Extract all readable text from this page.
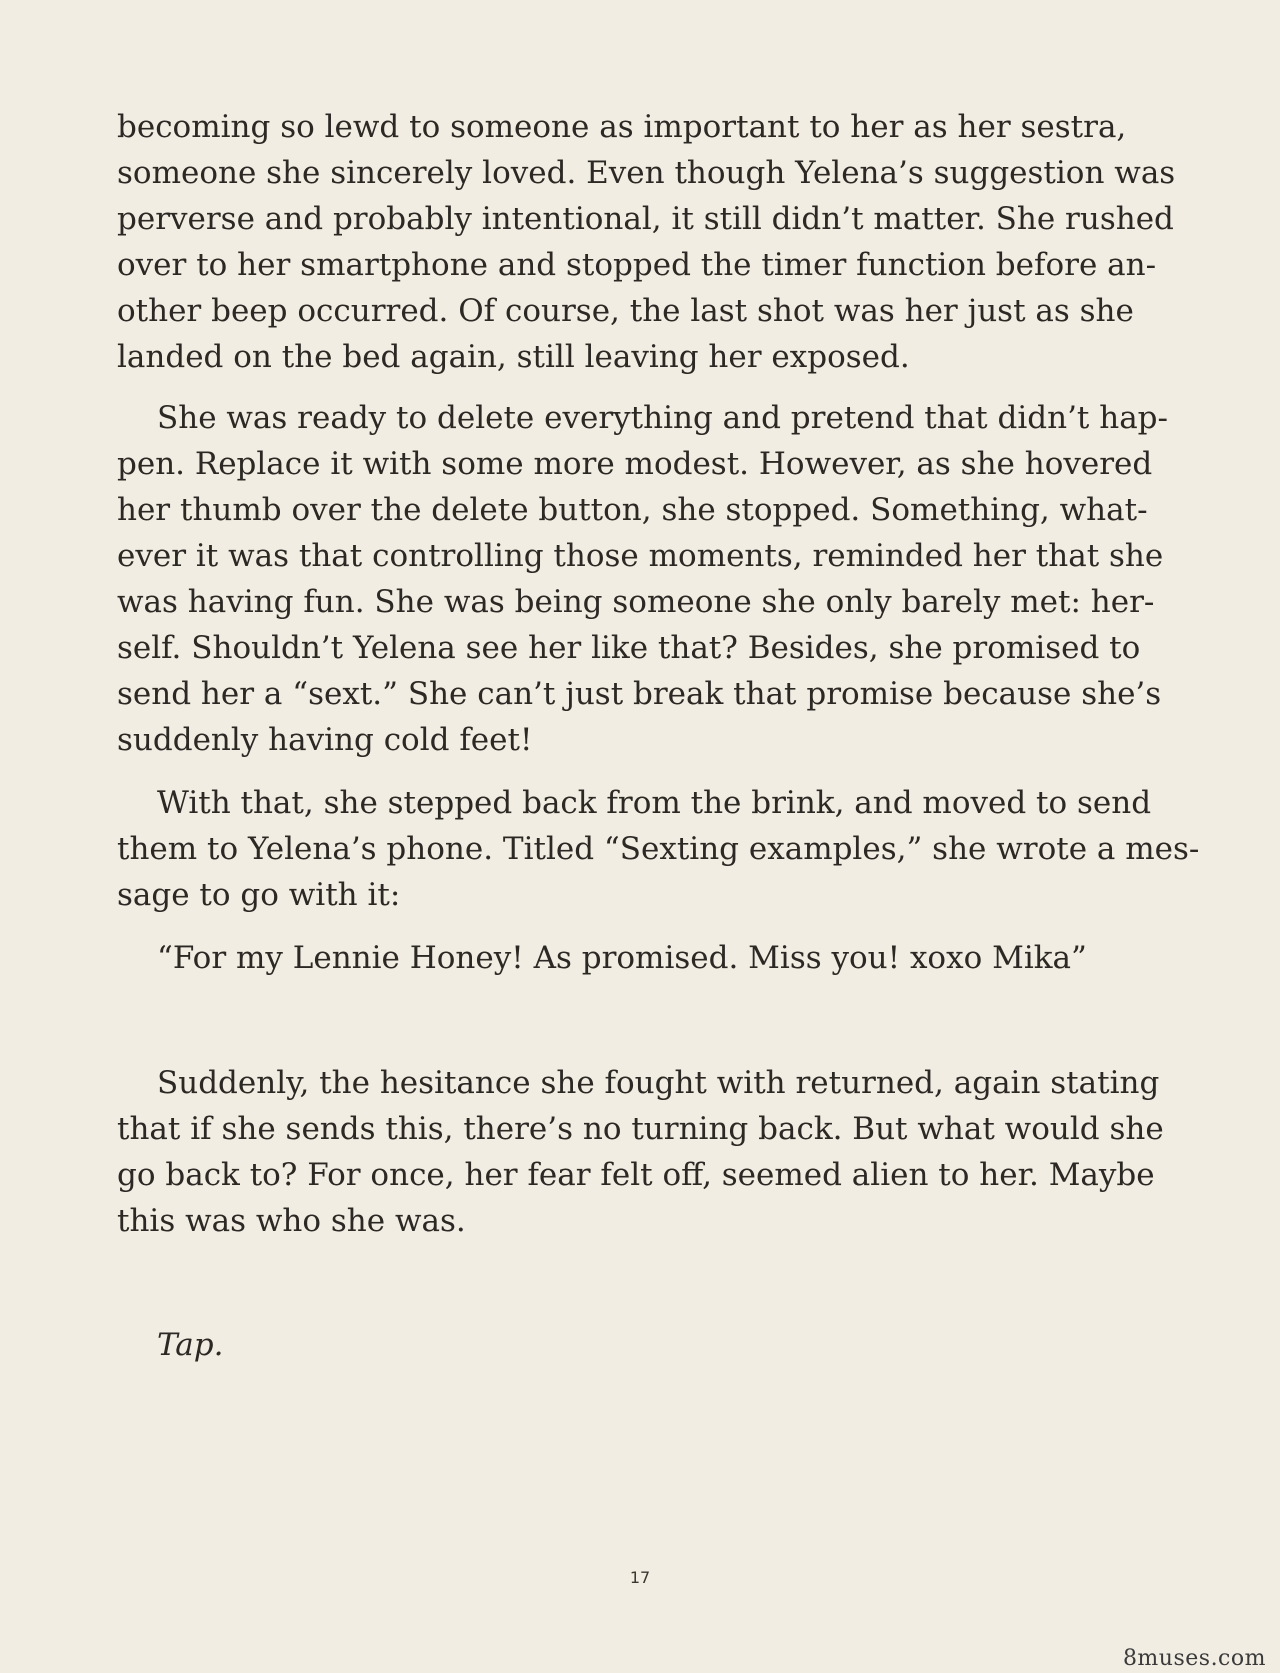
becoming so lewd to someone as important to her as her sestra,
someone she sincerely loved. Even though Yelena’s suggestion was
perverse and probably intentional, it still didn’t matter. She rushed
over to her smartphone and stopped the timer function before an-
other beep occurred. Of course, the last shot was her just as she
landed on the bed again, still leaving her exposed.
She was ready to delete everything and pretend that didn’t hap-
pen. Replace it with some more modest. However, as she hovered
her thumb over the delete button, she stopped. Something, what-
ever it was that controlling those moments, reminded her that she
was having fun. She was being someone she only barely met: her-
self. Shouldn’t Yelena see her like that? Besides, she promised to
send her a “sext.” She can’t just break that promise because she’s
suddenly having cold feet!
With that, she stepped back from the brink, and moved to send
them to Yelena’s phone. Titled “Sexting examples,” she wrote a mes-
sage to go with it:
“For my Lennie Honey! As promised. Miss you! xoxo Mika”
Suddenly, the hesitance she fought with returned, again stating
that if she sends this, there’s no turning back. But what would she
go back to? For once, her fear felt off, seemed alien to her. Maybe
this was who she was.
Tap.
17
8muses.com
